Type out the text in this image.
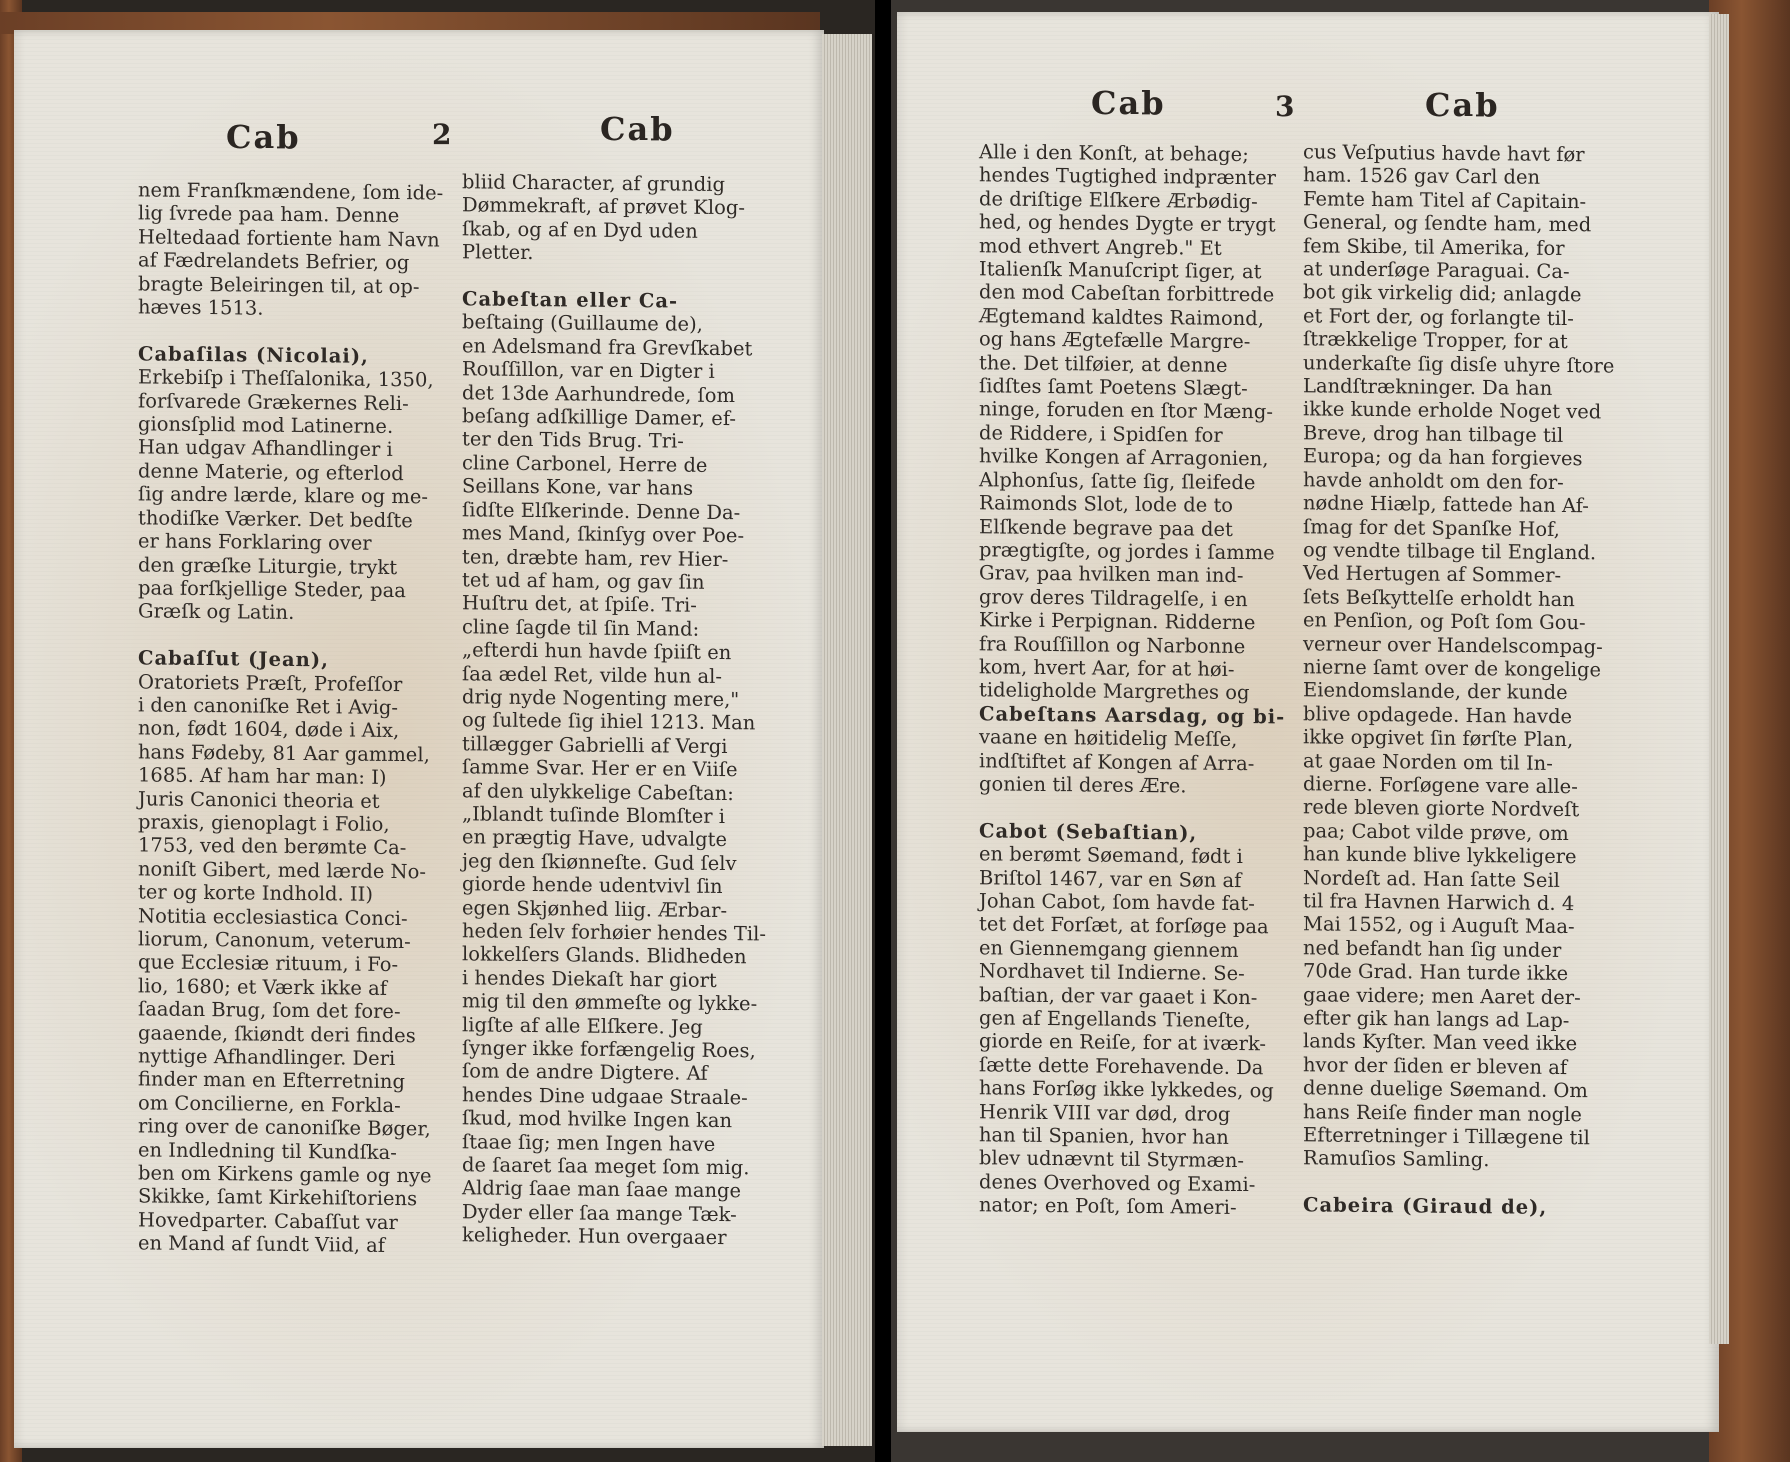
Cab	2	Cab
nem Franſkmændene, ſom ide-
lig ſvrede paa ham. Denne
Heltedaad fortiente ham Navn
af Fædrelandets Befrier, og
bragte Beleiringen til, at op-
hæves 1513.

Cabaſilas (Nicolai),
Erkebiſp i Theſſalonika, 1350,
forſvarede Grækernes Reli-
gionsſplid mod Latinerne.
Han udgav Afhandlinger i
denne Materie, og efterlod
ſig andre lærde, klare og me-
thodiſke Værker. Det bedſte
er hans Forklaring over
den græſke Liturgie, trykt
paa forſkjellige Steder, paa
Græſk og Latin.

Cabaſſut (Jean),
Oratoriets Præſt, Profeſſor
i den canoniſke Ret i Avig-
non, født 1604, døde i Aix,
hans Fødeby, 81 Aar gammel,
1685. Af ham har man: I)
Juris Canonici theoria et
praxis, gienoplagt i Folio,
1753, ved den berømte Ca-
noniſt Gibert, med lærde No-
ter og korte Indhold. II)
Notitia ecclesiastica Conci-
liorum, Canonum, veterum-
que Ecclesiæ rituum, i Fo-
lio, 1680; et Værk ikke af
ſaadan Brug, ſom det fore-
gaaende, ſkiøndt deri findes
nyttige Afhandlinger. Deri
finder man en Efterretning
om Concilierne, en Forkla-
ring over de canoniſke Bøger,
en Indledning til Kundſka-
ben om Kirkens gamle og nye
Skikke, ſamt Kirkehiſtoriens
Hovedparter. Cabaſſut var
en Mand af ſundt Viid, af
bliid Character, af grundig
Dømmekraft, af prøvet Klog-
ſkab, og af en Dyd uden
Pletter.

Cabeſtan eller Ca-
beſtaing (Guillaume de),
en Adelsmand fra Grevſkabet
Rouſſillon, var en Digter i
det 13de Aarhundrede, ſom
beſang adſkillige Damer, ef-
ter den Tids Brug. Tri-
cline Carbonel, Herre de
Seillans Kone, var hans
ſidſte Elſkerinde. Denne Da-
mes Mand, ſkinſyg over Poe-
ten, dræbte ham, rev Hier-
tet ud af ham, og gav ſin
Huſtru det, at ſpiſe. Tri-
cline ſagde til ſin Mand:
„efterdi hun havde ſpiiſt en
ſaa ædel Ret, vilde hun al-
drig nyde Nogenting mere,"
og ſultede ſig ihiel 1213. Man
tillægger Gabrielli af Vergi
ſamme Svar. Her er en Viiſe
af den ulykkelige Cabeſtan:
„Iblandt tuſinde Blomſter i
en prægtig Have, udvalgte
jeg den ſkiønneſte. Gud ſelv
giorde hende udentvivl ſin
egen Skjønhed liig. Ærbar-
heden ſelv forhøier hendes Til-
lokkelſers Glands. Blidheden
i hendes Diekaſt har giort
mig til den ømmeſte og lykke-
ligſte af alle Elſkere. Jeg
ſynger ikke forfængelig Roes,
ſom de andre Digtere. Af
hendes Dine udgaae Straale-
ſkud, mod hvilke Ingen kan
ſtaae ſig; men Ingen have
de ſaaret ſaa meget ſom mig.
Aldrig ſaae man ſaae mange
Dyder eller ſaa mange Tæk-
keligheder. Hun overgaaer
Cab	3	Cab
Alle i den Konſt, at behage;
hendes Tugtighed indprænter
de driſtige Elſkere Ærbødig-
hed, og hendes Dygte er trygt
mod ethvert Angreb." Et
Italienſk Manuſcript ſiger, at
den mod Cabeſtan forbittrede
Ægtemand kaldtes Raimond,
og hans Ægtefælle Margre-
the. Det tilføier, at denne
ſidſtes ſamt Poetens Slægt-
ninge, foruden en ſtor Mæng-
de Riddere, i Spidſen for
hvilke Kongen af Arragonien,
Alphonſus, ſatte ſig, ſleifede
Raimonds Slot, lode de to
Elſkende begrave paa det
prægtigſte, og jordes i ſamme
Grav, paa hvilken man ind-
grov deres Tildragelſe, i en
Kirke i Perpignan. Ridderne
fra Rouſſillon og Narbonne
kom, hvert Aar, for at høi-
tideligholde Margrethes og
Cabeſtans Aarsdag, og bi-
vaane en høitidelig Meſſe,
indſtiftet af Kongen af Arra-
gonien til deres Ære.

Cabot (Sebaſtian),
en berømt Søemand, født i
Briſtol 1467, var en Søn af
Johan Cabot, ſom havde fat-
tet det Forſæt, at forſøge paa
en Giennemgang giennem
Nordhavet til Indierne. Se-
baſtian, der var gaaet i Kon-
gen af Engellands Tieneſte,
giorde en Reiſe, for at iværk-
ſætte dette Forehavende. Da
hans Forſøg ikke lykkedes, og
Henrik VIII var død, drog
han til Spanien, hvor han
blev udnævnt til Styrmæn-
denes Overhoved og Exami-
nator; en Poſt, ſom Ameri-
cus Veſputius havde havt før
ham. 1526 gav Carl den
Femte ham Titel af Capitain-
General, og ſendte ham, med
fem Skibe, til Amerika, for
at underſøge Paraguai. Ca-
bot gik virkelig did; anlagde
et Fort der, og forlangte til-
ſtrækkelige Tropper, for at
underkaſte ſig disſe uhyre ſtore
Landſtrækninger. Da han
ikke kunde erholde Noget ved
Breve, drog han tilbage til
Europa; og da han forgieves
havde anholdt om den for-
nødne Hiælp, fattede han Af-
ſmag for det Spanſke Hof,
og vendte tilbage til England.
Ved Hertugen af Sommer-
ſets Beſkyttelſe erholdt han
en Penſion, og Poſt ſom Gou-
verneur over Handelscompag-
nierne ſamt over de kongelige
Eiendomslande, der kunde
blive opdagede. Han havde
ikke opgivet ſin førſte Plan,
at gaae Norden om til In-
dierne. Forſøgene vare alle-
rede bleven giorte Nordveſt
paa; Cabot vilde prøve, om
han kunde blive lykkeligere
Nordeſt ad. Han ſatte Seil
til fra Havnen Harwich d. 4
Mai 1552, og i Auguſt Maa-
ned befandt han ſig under
70de Grad. Han turde ikke
gaae videre; men Aaret der-
efter gik han langs ad Lap-
lands Kyſter. Man veed ikke
hvor der ſiden er bleven af
denne duelige Søemand. Om
hans Reiſe finder man nogle
Efterretninger i Tillægene til
Ramuſios Samling.

Cabeira (Giraud de),
